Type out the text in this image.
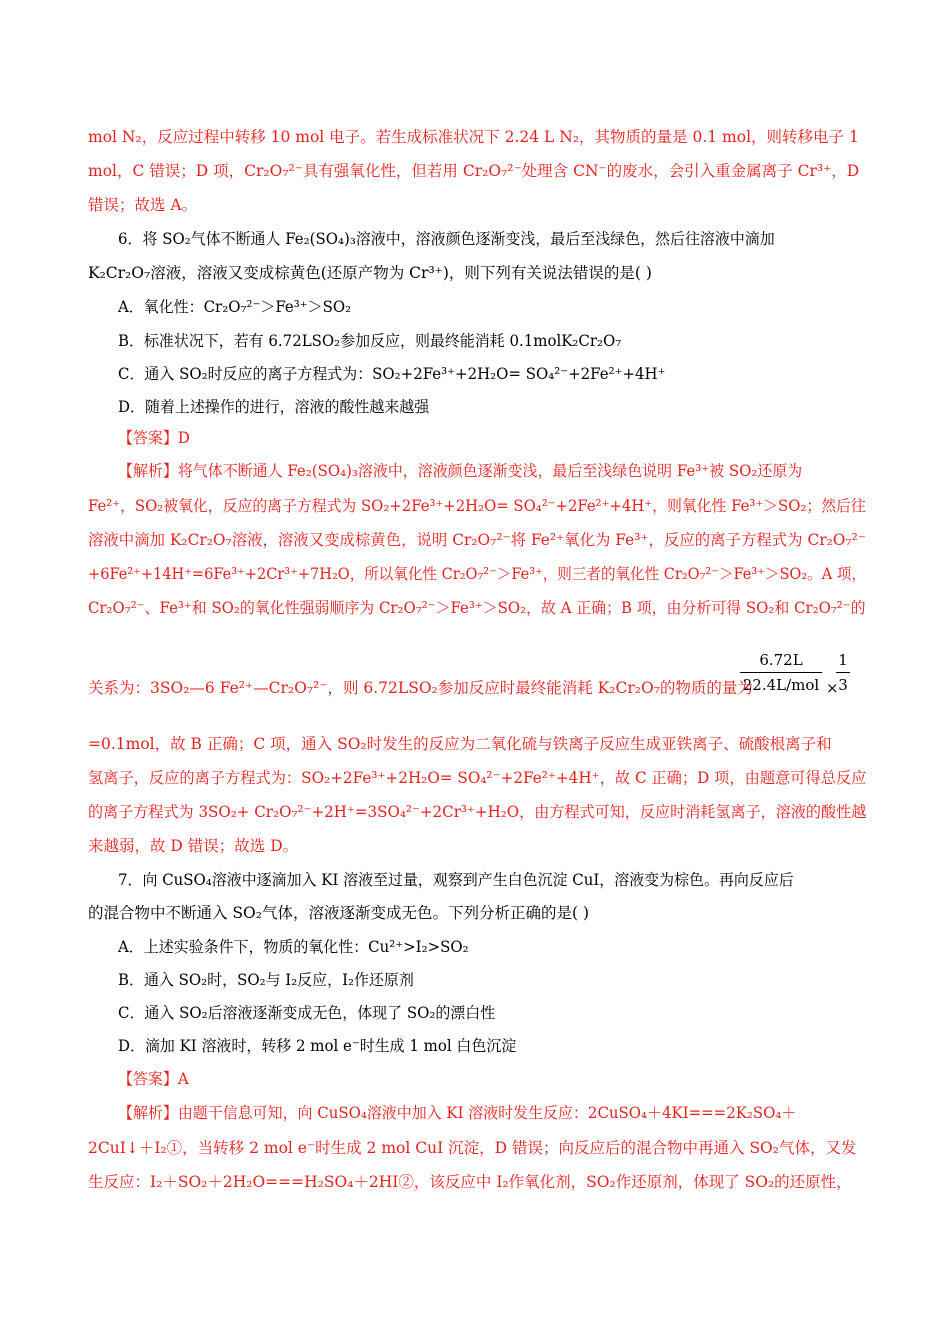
mol N₂，反应过程中转移 10 mol 电子。若生成标准状况下 2.24 L N₂，其物质的量是 0.1 mol，则转移电子 1
mol，C 错误；D 项，Cr₂O₇²⁻具有强氧化性，但若用 Cr₂O₇²⁻处理含 CN⁻的废水，会引入重金属离子 Cr³⁺，D
错误；故选 A。
6．将 SO₂气体不断通人 Fe₂(SO₄)₃溶液中，溶液颜色逐渐变浅，最后至浅绿色，然后往溶液中滴加
K₂Cr₂O₇溶液，溶液又变成棕黄色(还原产物为 Cr³⁺)，则下列有关说法错误的是( )
A．氧化性：Cr₂O₇²⁻＞Fe³⁺＞SO₂
B．标准状况下，若有 6.72LSO₂参加反应，则最终能消耗 0.1molK₂Cr₂O₇
C．通入 SO₂时反应的离子方程式为：SO₂+2Fe³⁺+2H₂O= SO₄²⁻+2Fe²⁺+4H⁺
D．随着上述操作的进行，溶液的酸性越来越强
【答案】D
【解析】将气体不断通人 Fe₂(SO₄)₃溶液中，溶液颜色逐渐变浅，最后至浅绿色说明 Fe³⁺被 SO₂还原为
Fe²⁺，SO₂被氧化，反应的离子方程式为 SO₂+2Fe³⁺+2H₂O= SO₄²⁻+2Fe²⁺+4H⁺，则氧化性 Fe³⁺＞SO₂；然后往
溶液中滴加 K₂Cr₂O₇溶液，溶液又变成棕黄色，说明 Cr₂O₇²⁻将 Fe²⁺氧化为 Fe³⁺，反应的离子方程式为 Cr₂O₇²⁻
+6Fe²⁺+14H⁺=6Fe³⁺+2Cr³⁺+7H₂O，所以氧化性 Cr₂O₇²⁻＞Fe³⁺，则三者的氧化性 Cr₂O₇²⁻＞Fe³⁺＞SO₂。A 项，
Cr₂O₇²⁻、Fe³⁺和 SO₂的氧化性强弱顺序为 Cr₂O₇²⁻＞Fe³⁺＞SO₂，故 A 正确；B 项，由分析可得 SO₂和 Cr₂O₇²⁻的
关系为：3SO₂—6 Fe²⁺—Cr₂O₇²⁻，则 6.72LSO₂参加反应时最终能消耗 K₂Cr₂O₇的物质的量为
6.72L
22.4L/mol ×
1
3
=0.1mol，故 B 正确；C 项，通入 SO₂时发生的反应为二氧化硫与铁离子反应生成亚铁离子、硫酸根离子和
氢离子，反应的离子方程式为：SO₂+2Fe³⁺+2H₂O= SO₄²⁻+2Fe²⁺+4H⁺，故 C 正确；D 项，由题意可得总反应
的离子方程式为 3SO₂+ Cr₂O₇²⁻+2H⁺=3SO₄²⁻+2Cr³⁺+H₂O，由方程式可知，反应时消耗氢离子，溶液的酸性越
来越弱，故 D 错误；故选 D。
7．向 CuSO₄溶液中逐滴加入 KI 溶液至过量，观察到产生白色沉淀 CuI，溶液变为棕色。再向反应后
的混合物中不断通入 SO₂气体，溶液逐渐变成无色。下列分析正确的是( )
A．上述实验条件下，物质的氧化性：Cu²⁺>I₂>SO₂
B．通入 SO₂时，SO₂与 I₂反应，I₂作还原剂
C．通入 SO₂后溶液逐渐变成无色，体现了 SO₂的漂白性
D．滴加 KI 溶液时，转移 2 mol e⁻时生成 1 mol 白色沉淀
【答案】A
【解析】由题干信息可知，向 CuSO₄溶液中加入 KI 溶液时发生反应：2CuSO₄＋4KI===2K₂SO₄＋
2CuI↓＋I₂①，当转移 2 mol e⁻时生成 2 mol CuI 沉淀，D 错误；向反应后的混合物中再通入 SO₂气体，又发
生反应：I₂＋SO₂＋2H₂O===H₂SO₄＋2HI②，该反应中 I₂作氧化剂，SO₂作还原剂，体现了 SO₂的还原性，
